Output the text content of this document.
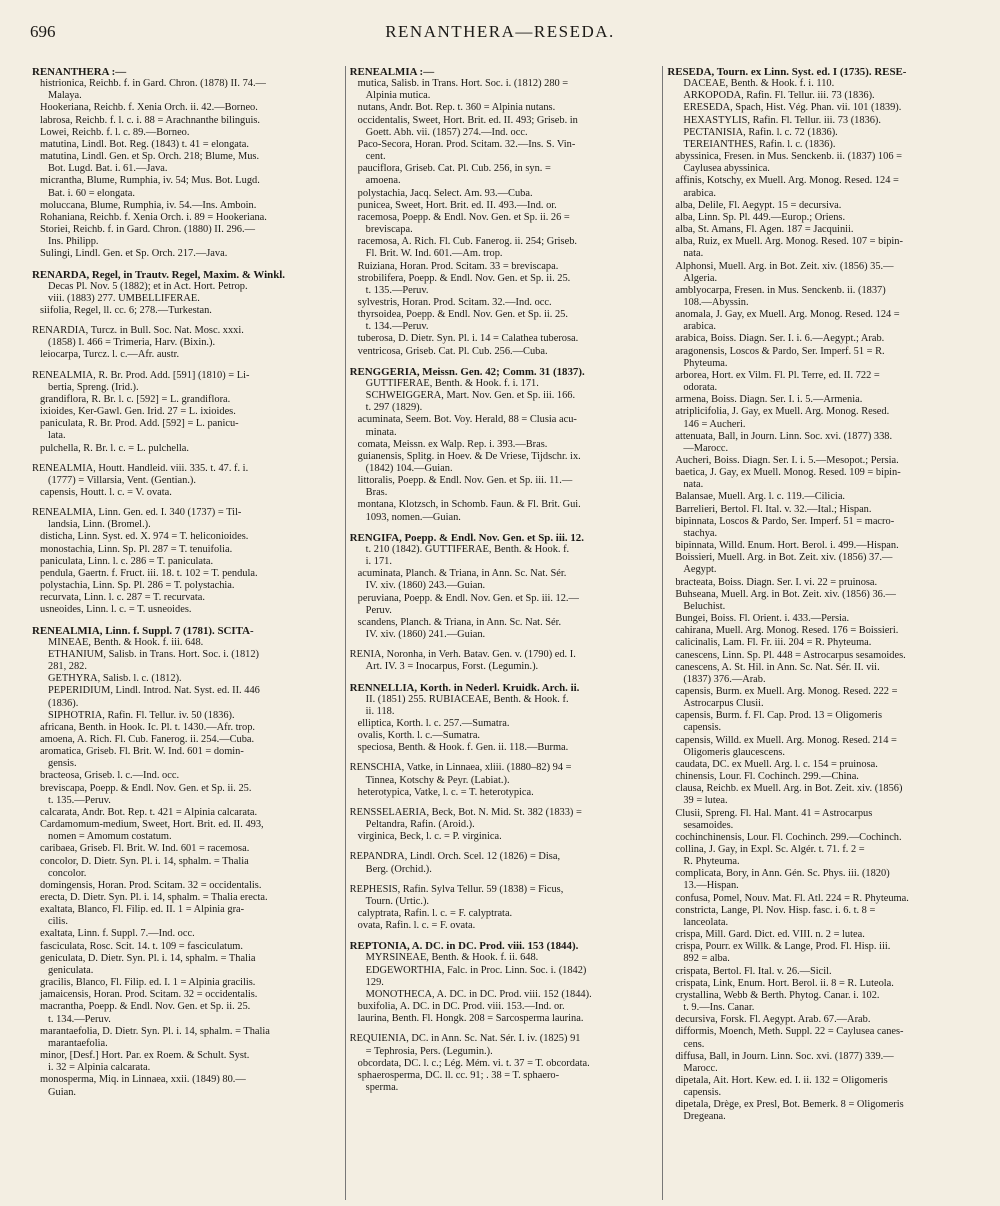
696	RENANTHERA—RESEDA.
RENANTHERA :—
histrionica, Reichb. f. in Gard. Chron. (1878) II. 74.—
Malaya.
Hookeriana, Reichb. f. Xenia Orch. ii. 42.—Borneo.
labrosa, Reichb. f. l. c. i. 88 = Arachnanthe bilinguis.
Lowei, Reichb. f. l. c. 89.—Borneo.
matutina, Lindl. Bot. Reg. (1843) t. 41 = elongata.
matutina, Lindl. Gen. et Sp. Orch. 218; Blume, Mus.
Bot. Lugd. Bat. i. 61.—Java.
micrantha, Blume, Rumphia, iv. 54; Mus. Bot. Lugd.
Bat. i. 60 = elongata.
moluccana, Blume, Rumphia, iv. 54.—Ins. Amboin.
Rohaniana, Reichb. f. Xenia Orch. i. 89 = Hookeriana.
Storiei, Reichb. f. in Gard. Chron. (1880) II. 296.—
Ins. Philipp.
Sulingi, Lindl. Gen. et Sp. Orch. 217.—Java.
RENARDA, Regel, in Trautv. Regel, Maxim. & Winkl.
Decas Pl. Nov. 5 (1882); et in Act. Hort. Petrop.
viii. (1883) 277. UMBELLIFERAE.
siifolia, Regel, ll. cc. 6; 278.—Turkestan.
RENARDIA, Turcz. in Bull. Soc. Nat. Mosc. xxxi.
(1858) I. 466 = Trimeria, Harv. (Bixin.).
leiocarpa, Turcz. l. c.—Afr. austr.
RENEALMIA, R. Br. Prod. Add. [591] (1810) = Li-
bertia, Spreng. (Irid.).
grandiflora, R. Br. l. c. [592] = L. grandiflora.
ixioides, Ker-Gawl. Gen. Irid. 27 = L. ixioides.
paniculata, R. Br. Prod. Add. [592] = L. panicu-
lata.
pulchella, R. Br. l. c. = L. pulchella.
RENEALMIA, Houtt. Handleid. viii. 335. t. 47. f. i.
(1777) = Villarsia, Vent. (Gentian.).
capensis, Houtt. l. c. = V. ovata.
RENEALMIA, Linn. Gen. ed. I. 340 (1737) = Til-
landsia, Linn. (Bromel.).
disticha, Linn. Syst. ed. X. 974 = T. heliconioides.
monostachia, Linn. Sp. Pl. 287 = T. tenuifolia.
paniculata, Linn. l. c. 286 = T. paniculata.
pendula, Gaertn. f. Fruct. iii. 18. t. 102 = T. pendula.
polystachia, Linn. Sp. Pl. 286 = T. polystachia.
recurvata, Linn. l. c. 287 = T. recurvata.
usneoides, Linn. l. c. = T. usneoides.
RENEALMIA, Linn. f. Suppl. 7 (1781). SCITA-
MINEAE, Benth. & Hook. f. iii. 648.
ETHANIUM, Salisb. in Trans. Hort. Soc. i. (1812)
281, 282.
GETHYRA, Salisb. l. c. (1812).
PEPERIDIUM, Lindl. Introd. Nat. Syst. ed. II. 446
(1836).
SIPHOTRIA, Rafin. Fl. Tellur. iv. 50 (1836).
africana, Benth. in Hook. Ic. Pl. t. 1430.—Afr. trop.
amoena, A. Rich. Fl. Cub. Fanerog. ii. 254.—Cuba.
aromatica, Griseb. Fl. Brit. W. Ind. 601 = domin-
gensis.
bracteosa, Griseb. l. c.—Ind. occ.
breviscapa, Poepp. & Endl. Nov. Gen. et Sp. ii. 25.
t. 135.—Peruv.
calcarata, Andr. Bot. Rep. t. 421 = Alpinia calcarata.
Cardamomum-medium, Sweet, Hort. Brit. ed. II. 493,
nomen = Amomum costatum.
caribaea, Griseb. Fl. Brit. W. Ind. 601 = racemosa.
concolor, D. Dietr. Syn. Pl. i. 14, sphalm. = Thalia
concolor.
domingensis, Horan. Prod. Scitam. 32 = occidentalis.
erecta, D. Dietr. Syn. Pl. i. 14, sphalm. = Thalia erecta.
exaltata, Blanco, Fl. Filip. ed. II. 1 = Alpinia gra-
cilis.
exaltata, Linn. f. Suppl. 7.—Ind. occ.
fasciculata, Rosc. Scit. 14. t. 109 = fasciculatum.
geniculata, D. Dietr. Syn. Pl. i. 14, sphalm. = Thalia
geniculata.
gracilis, Blanco, Fl. Filip. ed. I. 1 = Alpinia gracilis.
jamaicensis, Horan. Prod. Scitam. 32 = occidentalis.
macrantha, Poepp. & Endl. Nov. Gen. et Sp. ii. 25.
t. 134.—Peruv.
marantaefolia, D. Dietr. Syn. Pl. i. 14, sphalm. = Thalia
marantaefolia.
minor, [Desf.] Hort. Par. ex Roem. & Schult. Syst.
i. 32 = Alpinia calcarata.
monosperma, Miq. in Linnaea, xxii. (1849) 80.—
Guian.
RENEALMIA :—
mutica, Salisb. in Trans. Hort. Soc. i. (1812) 280 =
Alpinia mutica.
nutans, Andr. Bot. Rep. t. 360 = Alpinia nutans.
occidentalis, Sweet, Hort. Brit. ed. II. 493; Griseb. in
Goett. Abh. vii. (1857) 274.—Ind. occ.
Paco-Secora, Horan. Prod. Scitam. 32.—Ins. S. Vin-
cent.
pauciflora, Griseb. Cat. Pl. Cub. 256, in syn. =
amoena.
polystachia, Jacq. Select. Am. 93.—Cuba.
punicea, Sweet, Hort. Brit. ed. II. 493.—Ind. or.
racemosa, Poepp. & Endl. Nov. Gen. et Sp. ii. 26 =
breviscapa.
racemosa, A. Rich. Fl. Cub. Fanerog. ii. 254; Griseb.
Fl. Brit. W. Ind. 601.—Am. trop.
Ruiziana, Horan. Prod. Scitam. 33 = breviscapa.
strobilifera, Poepp. & Endl. Nov. Gen. et Sp. ii. 25.
t. 135.—Peruv.
sylvestris, Horan. Prod. Scitam. 32.—Ind. occ.
thyrsoidea, Poepp. & Endl. Nov. Gen. et Sp. ii. 25.
t. 134.—Peruv.
tuberosa, D. Dietr. Syn. Pl. i. 14 = Calathea tuberosa.
ventricosa, Griseb. Cat. Pl. Cub. 256.—Cuba.
RENGGERIA, Meissn. Gen. 42; Comm. 31 (1837).
GUTTIFERAE, Benth. & Hook. f. i. 171.
SCHWEIGGERA, Mart. Nov. Gen. et Sp. iii. 166.
t. 297 (1829).
acuminata, Seem. Bot. Voy. Herald, 88 = Clusia acu-
minata.
comata, Meissn. ex Walp. Rep. i. 393.—Bras.
guianensis, Splitg. in Hoev. & De Vriese, Tijdschr. ix.
(1842) 104.—Guian.
littoralis, Poepp. & Endl. Nov. Gen. et Sp. iii. 11.—
Bras.
montana, Klotzsch, in Schomb. Faun. & Fl. Brit. Gui.
1093, nomen.—Guian.
RENGIFA, Poepp. & Endl. Nov. Gen. et Sp. iii. 12.
t. 210 (1842). GUTTIFERAE, Benth. & Hook. f.
i. 171.
acuminata, Planch. & Triana, in Ann. Sc. Nat. Sér.
IV. xiv. (1860) 243.—Guian.
peruviana, Poepp. & Endl. Nov. Gen. et Sp. iii. 12.—
Peruv.
scandens, Planch. & Triana, in Ann. Sc. Nat. Sér.
IV. xiv. (1860) 241.—Guian.
RENIA, Noronha, in Verh. Batav. Gen. v. (1790) ed. I.
Art. IV. 3 = Inocarpus, Forst. (Legumin.).
RENNELLIA, Korth. in Nederl. Kruidk. Arch. ii.
II. (1851) 255. RUBIACEAE, Benth. & Hook. f.
ii. 118.
elliptica, Korth. l. c. 257.—Sumatra.
ovalis, Korth. l. c.—Sumatra.
speciosa, Benth. & Hook. f. Gen. ii. 118.—Burma.
RENSCHIA, Vatke, in Linnaea, xliii. (1880–82) 94 =
Tinnea, Kotschy & Peyr. (Labiat.).
heterotypica, Vatke, l. c. = T. heterotypica.
RENSSELAERIA, Beck, Bot. N. Mid. St. 382 (1833) =
Peltandra, Rafin. (Aroid.).
virginica, Beck, l. c. = P. virginica.
REPANDRA, Lindl. Orch. Scel. 12 (1826) = Disa,
Berg. (Orchid.).
REPHESIS, Rafin. Sylva Tellur. 59 (1838) = Ficus,
Tourn. (Urtic.).
calyptrata, Rafin. l. c. = F. calyptrata.
ovata, Rafin. l. c. = F. ovata.
REPTONIA, A. DC. in DC. Prod. viii. 153 (1844).
MYRSINEAE, Benth. & Hook. f. ii. 648.
EDGEWORTHIA, Falc. in Proc. Linn. Soc. i. (1842)
129.
MONOTHECA, A. DC. in DC. Prod. viii. 152 (1844).
buxifolia, A. DC. in DC. Prod. viii. 153.—Ind. or.
laurina, Benth. Fl. Hongk. 208 = Sarcosperma laurina.
REQUIENIA, DC. in Ann. Sc. Nat. Sér. I. iv. (1825) 91
= Tephrosia, Pers. (Legumin.).
obcordata, DC. l. c.; Lég. Mém. vi. t. 37 = T. obcordata.
sphaerosperma, DC. ll. cc. 91; . 38 = T. sphaero-
sperma.
RESEDA, Tourn. ex Linn. Syst. ed. I (1735). RESE-
DACEAE, Benth. & Hook. f. i. 110.
ARKOPODA, Rafin. Fl. Tellur. iii. 73 (1836).
ERESEDA, Spach, Hist. Vég. Phan. vii. 101 (1839).
HEXASTYLIS, Rafin. Fl. Tellur. iii. 73 (1836).
PECTANISIA, Rafin. l. c. 72 (1836).
TEREIANTHES, Rafin. l. c. (1836).
abyssinica, Fresen. in Mus. Senckenb. ii. (1837) 106 =
Caylusea abyssinica.
affinis, Kotschy, ex Muell. Arg. Monog. Resed. 124 =
arabica.
alba, Delile, Fl. Aegypt. 15 = decursiva.
alba, Linn. Sp. Pl. 449.—Europ.; Oriens.
alba, St. Amans, Fl. Agen. 187 = Jacquinii.
alba, Ruiz, ex Muell. Arg. Monog. Resed. 107 = bipin-
nata.
Alphonsi, Muell. Arg. in Bot. Zeit. xiv. (1856) 35.—
Algeria.
amblyocarpa, Fresen. in Mus. Senckenb. ii. (1837)
108.—Abyssin.
anomala, J. Gay, ex Muell. Arg. Monog. Resed. 124 =
arabica.
arabica, Boiss. Diagn. Ser. I. i. 6.—Aegypt.; Arab.
aragonensis, Loscos & Pardo, Ser. Imperf. 51 = R.
Phyteuma.
arborea, Hort. ex Vilm. Fl. Pl. Terre, ed. II. 722 =
odorata.
armena, Boiss. Diagn. Ser. I. i. 5.—Armenia.
atriplicifolia, J. Gay, ex Muell. Arg. Monog. Resed.
146 = Aucheri.
attenuata, Ball, in Journ. Linn. Soc. xvi. (1877) 338.
—Marocc.
Aucheri, Boiss. Diagn. Ser. I. i. 5.—Mesopot.; Persia.
baetica, J. Gay, ex Muell. Monog. Resed. 109 = bipin-
nata.
Balansae, Muell. Arg. l. c. 119.—Cilicia.
Barrelieri, Bertol. Fl. Ital. v. 32.—Ital.; Hispan.
bipinnata, Loscos & Pardo, Ser. Imperf. 51 = macro-
stachya.
bipinnata, Willd. Enum. Hort. Berol. i. 499.—Hispan.
Boissieri, Muell. Arg. in Bot. Zeit. xiv. (1856) 37.—
Aegypt.
bracteata, Boiss. Diagn. Ser. I. vi. 22 = pruinosa.
Buhseana, Muell. Arg. in Bot. Zeit. xiv. (1856) 36.—
Beluchist.
Bungei, Boiss. Fl. Orient. i. 433.—Persia.
cahirana, Muell. Arg. Monog. Resed. 176 = Boissieri.
calicinalis, Lam. Fl. Fr. iii. 204 = R. Phyteuma.
canescens, Linn. Sp. Pl. 448 = Astrocarpus sesamoides.
canescens, A. St. Hil. in Ann. Sc. Nat. Sér. II. vii.
(1837) 376.—Arab.
capensis, Burm. ex Muell. Arg. Monog. Resed. 222 =
Astrocarpus Clusii.
capensis, Burm. f. Fl. Cap. Prod. 13 = Oligomeris
capensis.
capensis, Willd. ex Muell. Arg. Monog. Resed. 214 =
Oligomeris glaucescens.
caudata, DC. ex Muell. Arg. l. c. 154 = pruinosa.
chinensis, Lour. Fl. Cochinch. 299.—China.
clausa, Reichb. ex Muell. Arg. in Bot. Zeit. xiv. (1856)
39 = lutea.
Clusii, Spreng. Fl. Hal. Mant. 41 = Astrocarpus
sesamoides.
cochinchinensis, Lour. Fl. Cochinch. 299.—Cochinch.
collina, J. Gay, in Expl. Sc. Algér. t. 71. f. 2 =
R. Phyteuma.
complicata, Bory, in Ann. Gén. Sc. Phys. iii. (1820)
13.—Hispan.
confusa, Pomel, Nouv. Mat. Fl. Atl. 224 = R. Phyteuma.
constricta, Lange, Pl. Nov. Hisp. fasc. i. 6. t. 8 =
lanceolata.
crispa, Mill. Gard. Dict. ed. VIII. n. 2 = lutea.
crispa, Pourr. ex Willk. & Lange, Prod. Fl. Hisp. iii.
892 = alba.
crispata, Bertol. Fl. Ital. v. 26.—Sicil.
crispata, Link, Enum. Hort. Berol. ii. 8 = R. Luteola.
crystallina, Webb & Berth. Phytog. Canar. i. 102.
t. 9.—Ins. Canar.
decursiva, Forsk. Fl. Aegypt. Arab. 67.—Arab.
difformis, Moench, Meth. Suppl. 22 = Caylusea canes-
cens.
diffusa, Ball, in Journ. Linn. Soc. xvi. (1877) 339.—
Marocc.
dipetala, Ait. Hort. Kew. ed. I. ii. 132 = Oligomeris
capensis.
dipetala, Drège, ex Presl, Bot. Bemerk. 8 = Oligomeris
Dregeana.
